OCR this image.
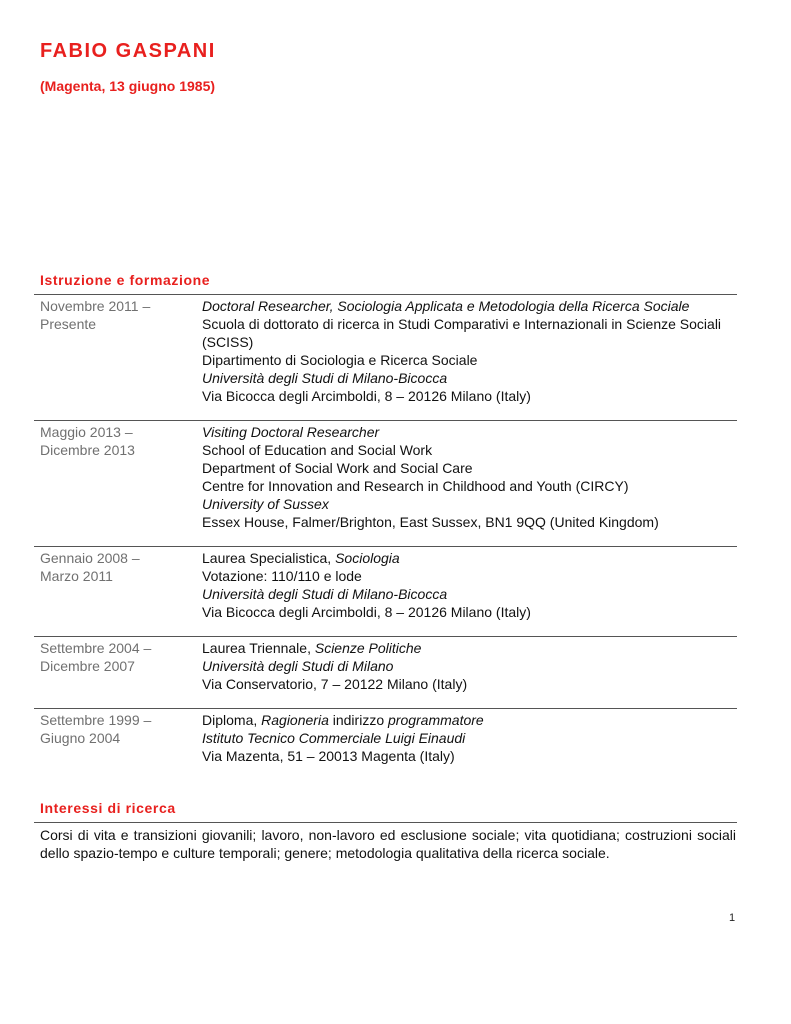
FABIO GASPANI
(Magenta, 13 giugno 1985)
Istruzione e formazione
Novembre 2011 –
Presente
Doctoral Researcher, Sociologia Applicata e Metodologia della Ricerca Sociale
Scuola di dottorato di ricerca in Studi Comparativi e Internazionali in Scienze Sociali (SCISS)
Dipartimento di Sociologia e Ricerca Sociale
Università degli Studi di Milano-Bicocca
Via Bicocca degli Arcimboldi, 8 – 20126 Milano (Italy)
Maggio 2013 –
Dicembre 2013
Visiting Doctoral Researcher
School of Education and Social Work
Department of Social Work and Social Care
Centre for Innovation and Research in Childhood and Youth (CIRCY)
University of Sussex
Essex House, Falmer/Brighton, East Sussex, BN1 9QQ (United Kingdom)
Gennaio 2008 –
Marzo 2011
Laurea Specialistica, Sociologia
Votazione: 110/110 e lode
Università degli Studi di Milano-Bicocca
Via Bicocca degli Arcimboldi, 8 – 20126 Milano (Italy)
Settembre 2004 –
Dicembre 2007
Laurea Triennale, Scienze Politiche
Università degli Studi di Milano
Via Conservatorio, 7 – 20122 Milano (Italy)
Settembre 1999 –
Giugno 2004
Diploma, Ragioneria indirizzo programmatore
Istituto Tecnico Commerciale Luigi Einaudi
Via Mazenta, 51 – 20013 Magenta (Italy)
Interessi di ricerca
Corsi di vita e transizioni giovanili; lavoro, non-lavoro ed esclusione sociale; vita quotidiana; costruzioni sociali dello spazio-tempo e culture temporali; genere; metodologia qualitativa della ricerca sociale.
1
